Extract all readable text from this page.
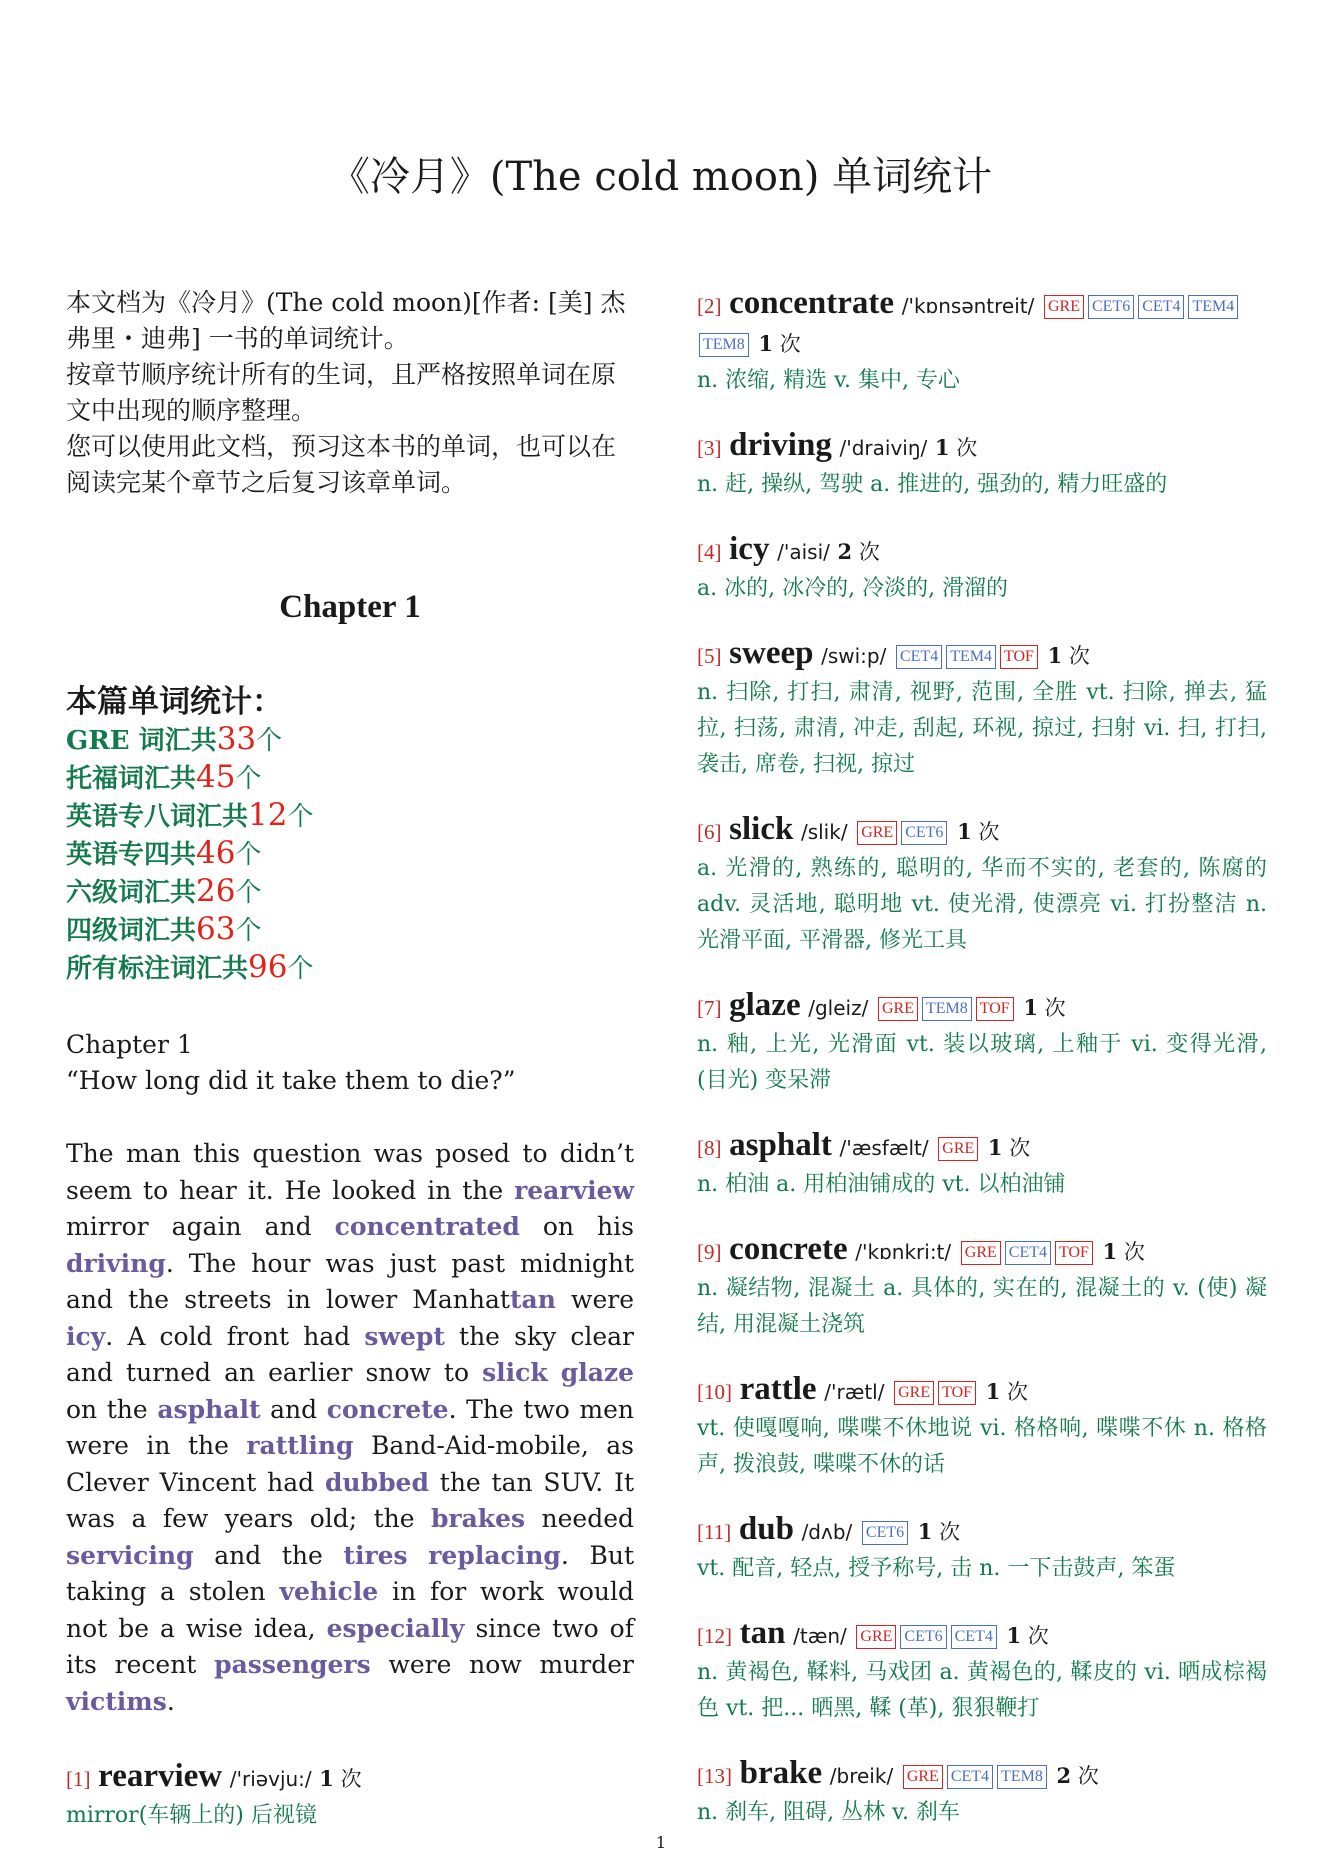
《冷月》(The cold moon) 单词统计

本文档为《冷月》(The cold moon)[作者: [美] 杰弗里・迪弗] 一书的单词统计。

按章节顺序统计所有的生词，且严格按照单词在原文中出现的顺序整理。

您可以使用此文档，预习这本书的单词，也可以在阅读完某个章节之后复习该章单词。

Chapter 1
本篇单词统计：
GRE 词汇共33个
托福词汇共45个
英语专八词汇共12个
英语专四共46个
六级词汇共26个
四级词汇共63个
所有标注词汇共96个
Chapter 1
“How long did it take them to die?”
The man this question was posed to didn’t seem to hear it. He looked in the rearview mirror again and concentrated on his driving. The hour was just past midnight and the streets in lower Manhattan were icy. A cold front had swept the sky clear and turned an earlier snow to slick glaze on the asphalt and concrete. The two men were in the rattling Band-Aid-mobile, as Clever Vincent had dubbed the tan SUV. It was a few years old; the brakes needed servicing and the tires replacing. But taking a stolen vehicle in for work would not be a wise idea, especially since two of its recent passengers were now murder victims.
[1] rearview /'riəvju:/ 1 次
mirror(车辆上的) 后视镜
[2] concentrate /'kɒnsəntreit/ GRE CET6 CET4 TEM4TEM8 1 次
n. 浓缩, 精选 v. 集中, 专心
[3] driving /'draiviŋ/ 1 次
n. 赶, 操纵, 驾驶 a. 推进的, 强劲的, 精力旺盛的
[4] icy /'aisi/ 2 次
a. 冰的, 冰冷的, 冷淡的, 滑溜的
[5] sweep /swi:p/ CET4 TEM4 TOF 1 次
n. 扫除, 打扫, 肃清, 视野, 范围, 全胜 vt. 扫除, 掸去, 猛拉, 扫荡, 肃清, 冲走, 刮起, 环视, 掠过, 扫射 vi. 扫, 打扫, 袭击, 席卷, 扫视, 掠过
[6] slick /slik/ GRE CET6 1 次
a. 光滑的, 熟练的, 聪明的, 华而不实的, 老套的, 陈腐的 adv. 灵活地, 聪明地 vt. 使光滑, 使漂亮 vi. 打扮整洁 n. 光滑平面, 平滑器, 修光工具
[7] glaze /gleiz/ GRE TEM8 TOF 1 次
n. 釉, 上光, 光滑面 vt. 装以玻璃, 上釉于 vi. 变得光滑, (目光) 变呆滞
[8] asphalt /'æsfælt/ GRE 1 次
n. 柏油 a. 用柏油铺成的 vt. 以柏油铺
[9] concrete /'kɒnkri:t/ GRE CET4 TOF 1 次
n. 凝结物, 混凝土 a. 具体的, 实在的, 混凝土的 v. (使) 凝结, 用混凝土浇筑
[10] rattle /'rætl/ GRE TOF 1 次
vt. 使嘎嘎响, 喋喋不休地说 vi. 格格响, 喋喋不休 n. 格格声, 拨浪鼓, 喋喋不休的话
[11] dub /dʌb/ CET6 1 次
vt. 配音, 轻点, 授予称号, 击 n. 一下击鼓声, 笨蛋
[12] tan /tæn/ GRE CET6 CET4 1 次
n. 黄褐色, 鞣料, 马戏团 a. 黄褐色的, 鞣皮的 vi. 晒成棕褐色 vt. 把... 晒黑, 鞣 (革), 狠狠鞭打
[13] brake /breik/ GRE CET4 TEM8 2 次
n. 刹车, 阻碍, 丛林 v. 刹车
1
